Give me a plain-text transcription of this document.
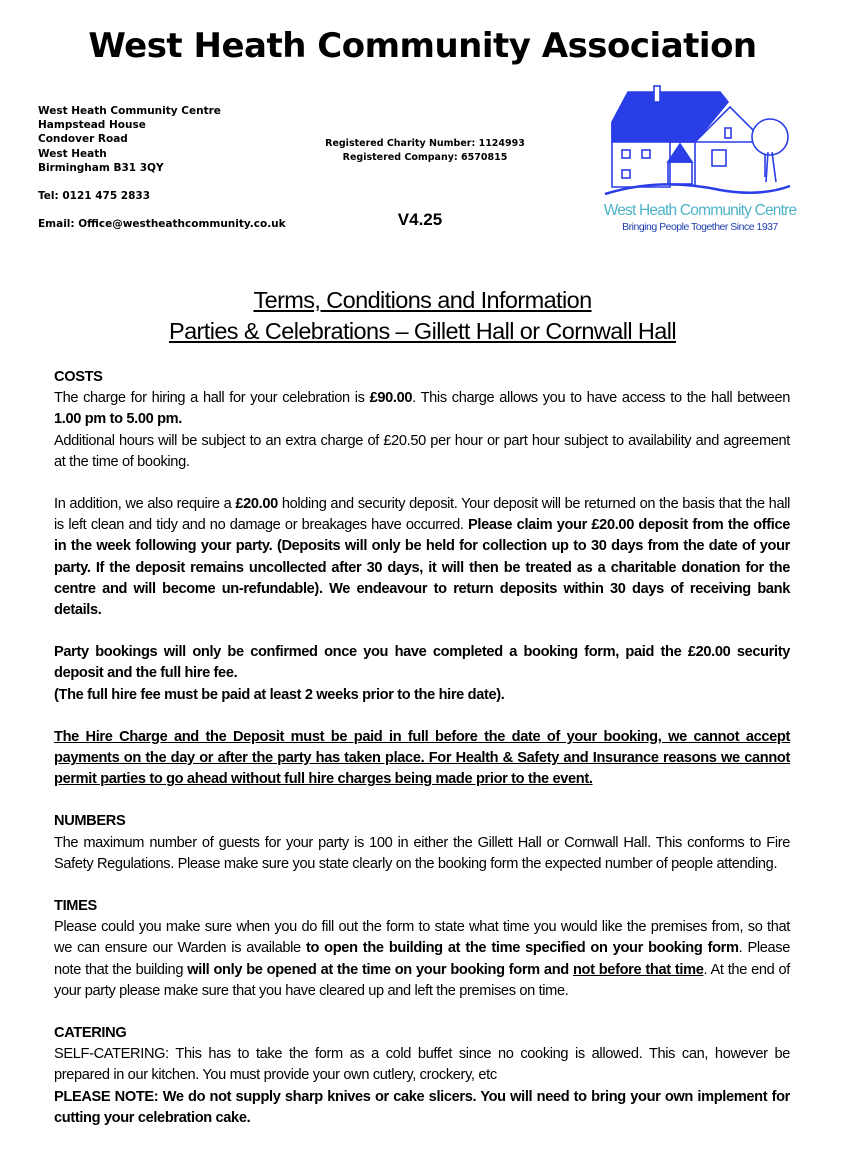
West Heath Community Association
West Heath Community Centre
Hampstead House
Condover Road
West Heath
Birmingham B31 3QY
Tel: 0121 475 2833
Email: Office@westheathcommunity.co.uk
Registered Charity Number: 1124993
Registered Company: 6570815
V4.25	West Heath Community Centre
Bringing People Together Since 1937
Terms, Conditions and Information
Parties & Celebrations – Gillett Hall or Cornwall Hall
COSTS

The charge for hiring a hall for your celebration is £90.00. This charge allows you to have access to the hall between 1.00 pm to 5.00 pm.

Additional hours will be subject to an extra charge of £20.50 per hour or part hour subject to availability and agreement at the time of booking.

In addition, we also require a £20.00 holding and security deposit. Your deposit will be returned on the basis that the hall is left clean and tidy and no damage or breakages have occurred. Please claim your £20.00 deposit from the office in the week following your party. (Deposits will only be held for collection up to 30 days from the date of your party. If the deposit remains uncollected after 30 days, it will then be treated as a charitable donation for the centre and will become un-refundable). We endeavour to return deposits within 30 days of receiving bank details.

Party bookings will only be confirmed once you have completed a booking form, paid the £20.00 security deposit and the full hire fee.

(The full hire fee must be paid at least 2 weeks prior to the hire date).

The Hire Charge and the Deposit must be paid in full before the date of your booking, we cannot accept payments on the day or after the party has taken place. For Health & Safety and Insurance reasons we cannot permit parties to go ahead without full hire charges being made prior to the event.

NUMBERS

The maximum number of guests for your party is 100 in either the Gillett Hall or Cornwall Hall. This conforms to Fire Safety Regulations. Please make sure you state clearly on the booking form the expected number of people attending.

TIMES

Please could you make sure when you do fill out the form to state what time you would like the premises from, so that we can ensure our Warden is available to open the building at the time specified on your booking form. Please note that the building will only be opened at the time on your booking form and not before that time. At the end of your party please make sure that you have cleared up and left the premises on time.

CATERING

SELF-CATERING: This has to take the form as a cold buffet since no cooking is allowed. This can, however be prepared in our kitchen. You must provide your own cutlery, crockery, etc

PLEASE NOTE: We do not supply sharp knives or cake slicers. You will need to bring your own implement for cutting your celebration cake.
